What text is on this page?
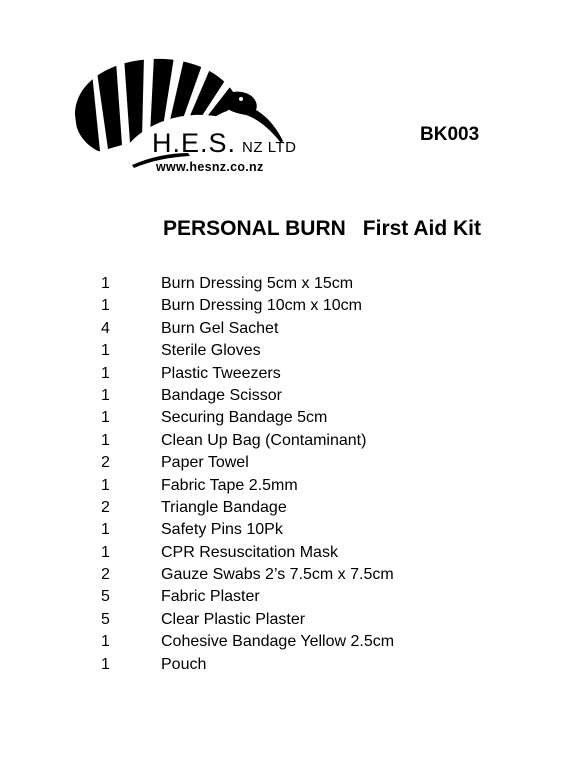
H.E.S. NZ LTD
www.hesnz.co.nz
BK003
PERSONAL BURN First Aid Kit
1	Burn Dressing 5cm x 15cm
1	Burn Dressing 10cm x 10cm
4	Burn Gel Sachet
1	Sterile Gloves
1	Plastic Tweezers
1	Bandage Scissor
1	Securing Bandage 5cm
1	Clean Up Bag (Contaminant)
2	Paper Towel
1	Fabric Tape 2.5mm
2	Triangle Bandage
1	Safety Pins 10Pk
1	CPR Resuscitation Mask
2	Gauze Swabs 2’s 7.5cm x 7.5cm
5	Fabric Plaster
5	Clear Plastic Plaster
1	Cohesive Bandage Yellow 2.5cm
1	Pouch
